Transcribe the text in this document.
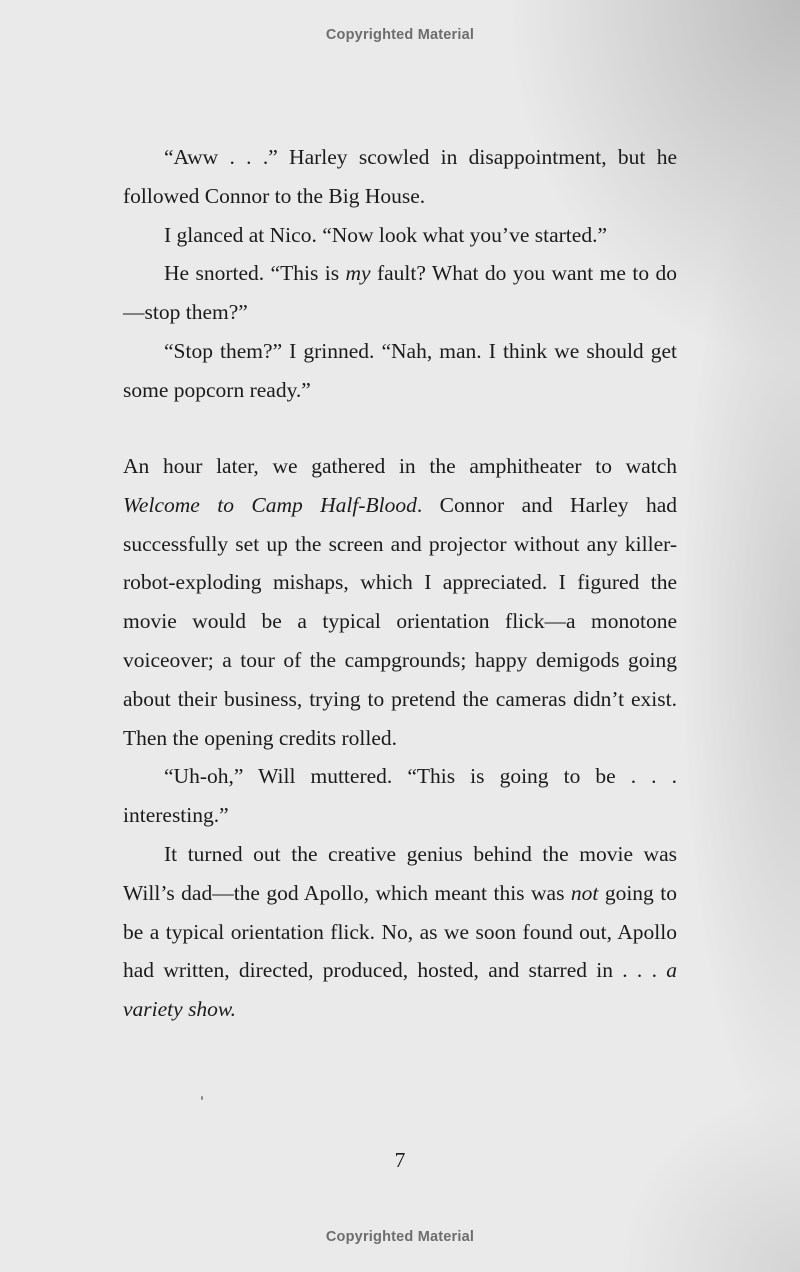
Copyrighted Material

“Aww . . .” Harley scowled in disappointment, but he followed Connor to the Big House.

I glanced at Nico. “Now look what you’ve started.”

He snorted. “This is my fault? What do you want me to do—stop them?”

“Stop them?” I grinned. “Nah, man. I think we should get some popcorn ready.”

An hour later, we gathered in the amphitheater to watch Welcome to Camp Half-Blood. Connor and Harley had successfully set up the screen and projector without any killer-robot-exploding mishaps, which I appreciated. I figured the movie would be a typical orientation flick—a monotone voiceover; a tour of the campgrounds; happy demigods going about their business, trying to pretend the cameras didn’t exist. Then the opening credits rolled.

“Uh-oh,” Will muttered. “This is going to be . . . interesting.”

It turned out the creative genius behind the movie was Will’s dad—the god Apollo, which meant this was not going to be a typical orientation flick. No, as we soon found out, Apollo had written, directed, produced, hosted, and starred in . . . a variety show.

7
Copyrighted Material
